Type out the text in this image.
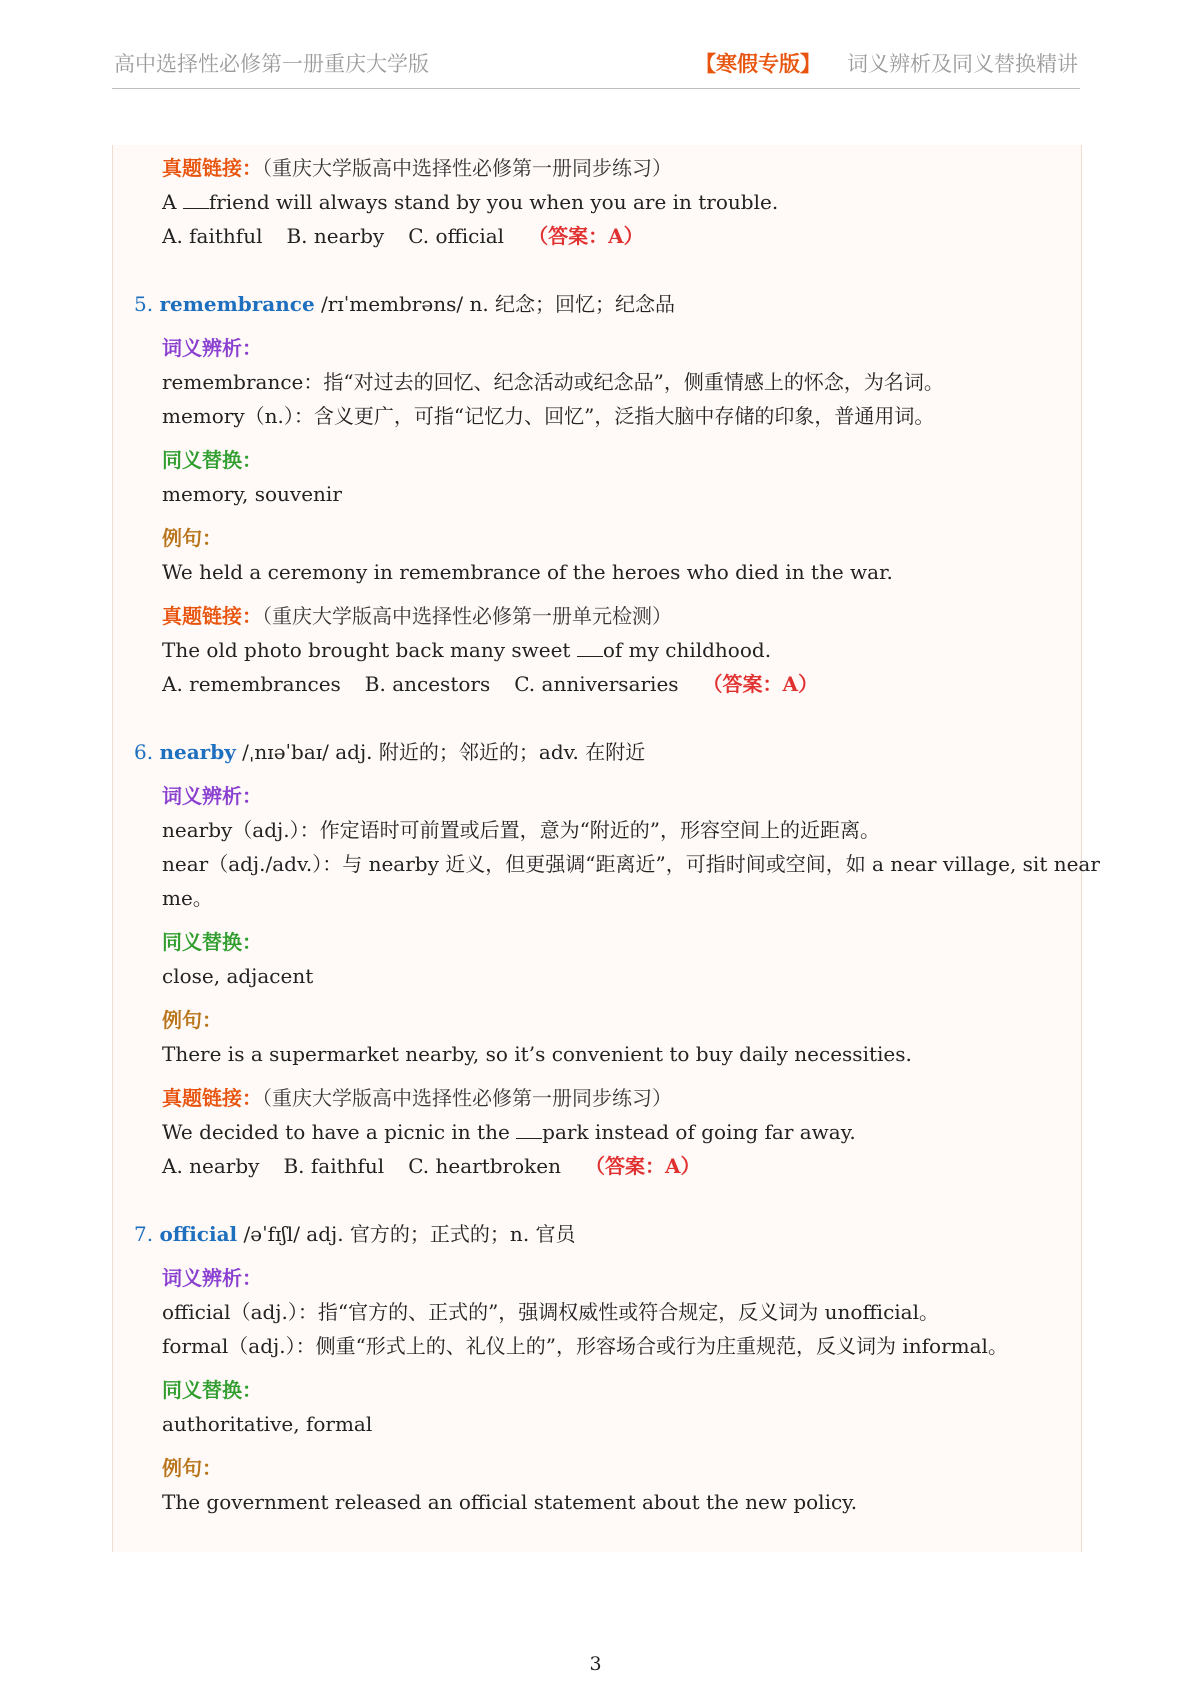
高中选择性必修第一册重庆大学版	【寒假专版】 词义辨析及同义替换精讲
真题链接：（重庆大学版高中选择性必修第一册同步练习）
A friend will always stand by you when you are in trouble.
A. faithful B. nearby C. official （答案：A）
5. remembrance /rɪˈmembrəns/ n. 纪念；回忆；纪念品
词义辨析：
remembrance：指“对过去的回忆、纪念活动或纪念品”，侧重情感上的怀念，为名词。
memory（n.）：含义更广，可指“记忆力、回忆”，泛指大脑中存储的印象，普通用词。
同义替换：
memory, souvenir
例句：
We held a ceremony in remembrance of the heroes who died in the war.
真题链接：（重庆大学版高中选择性必修第一册单元检测）
The old photo brought back many sweet of my childhood.
A. remembrances B. ancestors C. anniversaries （答案：A）
6. nearby /ˌnɪəˈbaɪ/ adj. 附近的；邻近的；adv. 在附近
词义辨析：
nearby（adj.）：作定语时可前置或后置，意为“附近的”，形容空间上的近距离。
near（adj./adv.）：与 nearby 近义，但更强调“距离近”，可指时间或空间，如 a near village, sit near
me。
同义替换：
close, adjacent
例句：
There is a supermarket nearby, so it’s convenient to buy daily necessities.
真题链接：（重庆大学版高中选择性必修第一册同步练习）
We decided to have a picnic in the park instead of going far away.
A. nearby B. faithful C. heartbroken （答案：A）
7. official /əˈfɪʃl/ adj. 官方的；正式的；n. 官员
词义辨析：
official（adj.）：指“官方的、正式的”，强调权威性或符合规定，反义词为 unofficial。
formal（adj.）：侧重“形式上的、礼仪上的”，形容场合或行为庄重规范，反义词为 informal。
同义替换：
authoritative, formal
例句：
The government released an official statement about the new policy.
3
